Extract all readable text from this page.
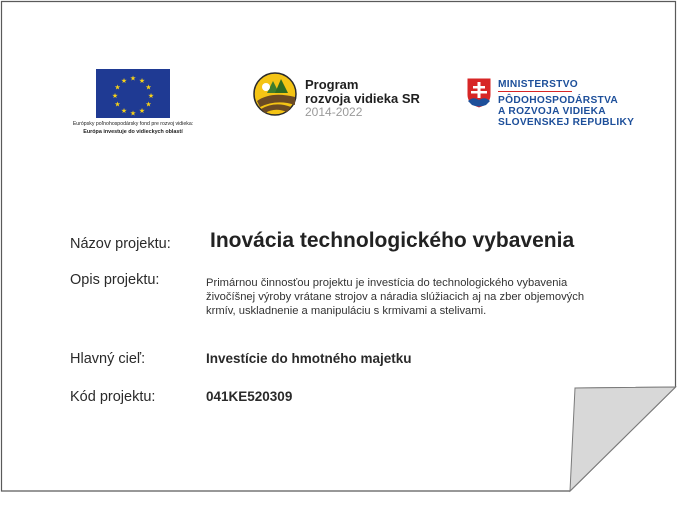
★ ★
★
★
★
★
★
★
★
★
★
★
Európsky poľnohospodársky fond pre rozvoj vidieka:
Európa investuje do vidieckych oblastí
Program
rozvoja vidieka SR
2014-2022
MINISTERSTVO
PÔDOHOSPODÁRSTVA
A ROZVOJA VIDIEKA
SLOVENSKEJ REPUBLIKY
Názov projektu: Inovácia technologického vybavenia
Opis projektu:	Primárnou činnosťou projektu je investícia do technologického vybavenia
živočíšnej výroby vrátane strojov a náradia slúžiacich aj na zber objemových
krmív, uskladnenie a manipuláciu s krmivami a stelivami.
Hlavný cieľ:	Investície do hmotného majetku
Kód projektu:	041KE520309
